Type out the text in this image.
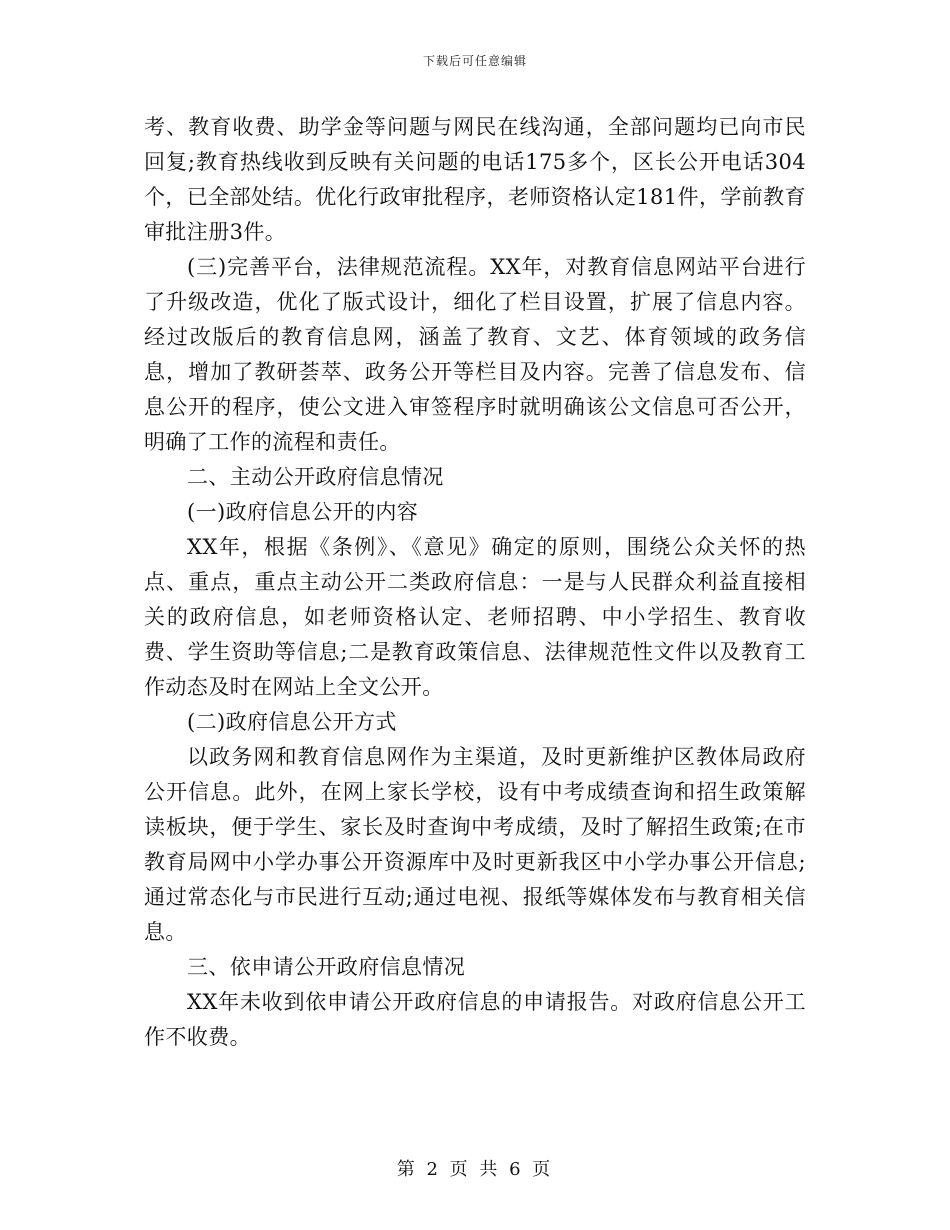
下载后可任意编辑

考、教育收费、助学金等问题与网民在线沟通，全部问题均已向市民回复;教育热线收到反映有关问题的电话175多个，区长公开电话304个，已全部处结。优化行政审批程序，老师资格认定181件，学前教育审批注册3件。

(三)完善平台，法律规范流程。XX年，对教育信息网站平台进行了升级改造，优化了版式设计，细化了栏目设置，扩展了信息内容。经过改版后的教育信息网，涵盖了教育、文艺、体育领域的政务信息，增加了教研荟萃、政务公开等栏目及内容。完善了信息发布、信息公开的程序，使公文进入审签程序时就明确该公文信息可否公开，明确了工作的流程和责任。

二、主动公开政府信息情况

(一)政府信息公开的内容

XX年，根据《条例》、《意见》确定的原则，围绕公众关怀的热点、重点，重点主动公开二类政府信息：一是与人民群众利益直接相关的政府信息，如老师资格认定、老师招聘、中小学招生、教育收费、学生资助等信息;二是教育政策信息、法律规范性文件以及教育工作动态及时在网站上全文公开。

(二)政府信息公开方式

以政务网和教育信息网作为主渠道，及时更新维护区教体局政府公开信息。此外，在网上家长学校，设有中考成绩查询和招生政策解读板块，便于学生、家长及时查询中考成绩，及时了解招生政策;在市教育局网中小学办事公开资源库中及时更新我区中小学办事公开信息;通过常态化与市民进行互动;通过电视、报纸等媒体发布与教育相关信息。

三、依申请公开政府信息情况

XX年未收到依申请公开政府信息的申请报告。对政府信息公开工作不收费。

第 2 页 共 6 页
